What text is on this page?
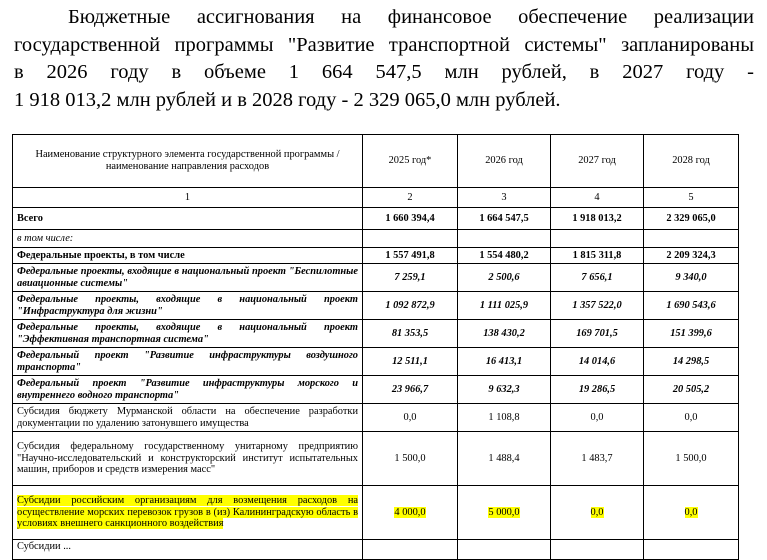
Бюджетные ассигнования на финансовое обеспечение реализации

государственной программы "Развитие транспортной системы" запланированы

в 2026 году в объеме 1 664 547,5 млн рублей, в 2027 году -

1 918 013,2 млн рублей и в 2028 году - 2 329 065,0 млн рублей.

Наименование структурного элемента государственной программы / наименование направления расходов	2025 год*	2026 год	2027 год	2028 год
1	2	3	4	5
Всего	1 660 394,4	1 664 547,5	1 918 013,2	2 329 065,0
в том числе:				
Федеральные проекты, в том числе	1 557 491,8	1 554 480,2	1 815 311,8	2 209 324,3
Федеральные проекты, входящие в национальный проект "Беспилотные авиационные системы"	7 259,1	2 500,6	7 656,1	9 340,0
Федеральные проекты, входящие в национальный проект "Инфраструктура для жизни"	1 092 872,9	1 111 025,9	1 357 522,0	1 690 543,6
Федеральные проекты, входящие в национальный проект "Эффективная транспортная система"	81 353,5	138 430,2	169 701,5	151 399,6
Федеральный проект "Развитие инфраструктуры воздушного транспорта"	12 511,1	16 413,1	14 014,6	14 298,5
Федеральный проект "Развитие инфраструктуры морского и внутреннего водного транспорта"	23 966,7	9 632,3	19 286,5	20 505,2
Субсидия бюджету Мурманской области на обеспечение разработки документации по удалению затонувшего имущества	0,0	1 108,8	0,0	0,0
Субсидия федеральному государственному унитарному предприятию "Научно-исследовательский и конструкторский институт испытательных машин, приборов и средств измерения масс"	1 500,0	1 488,4	1 483,7	1 500,0
Субсидии российским организациям для возмещения расходов на осуществление морских перевозок грузов в (из) Калининградскую область в условиях внешнего санкционного воздействия	4 000,0	5 000,0	0,0	0,0
Субсидии ...				
